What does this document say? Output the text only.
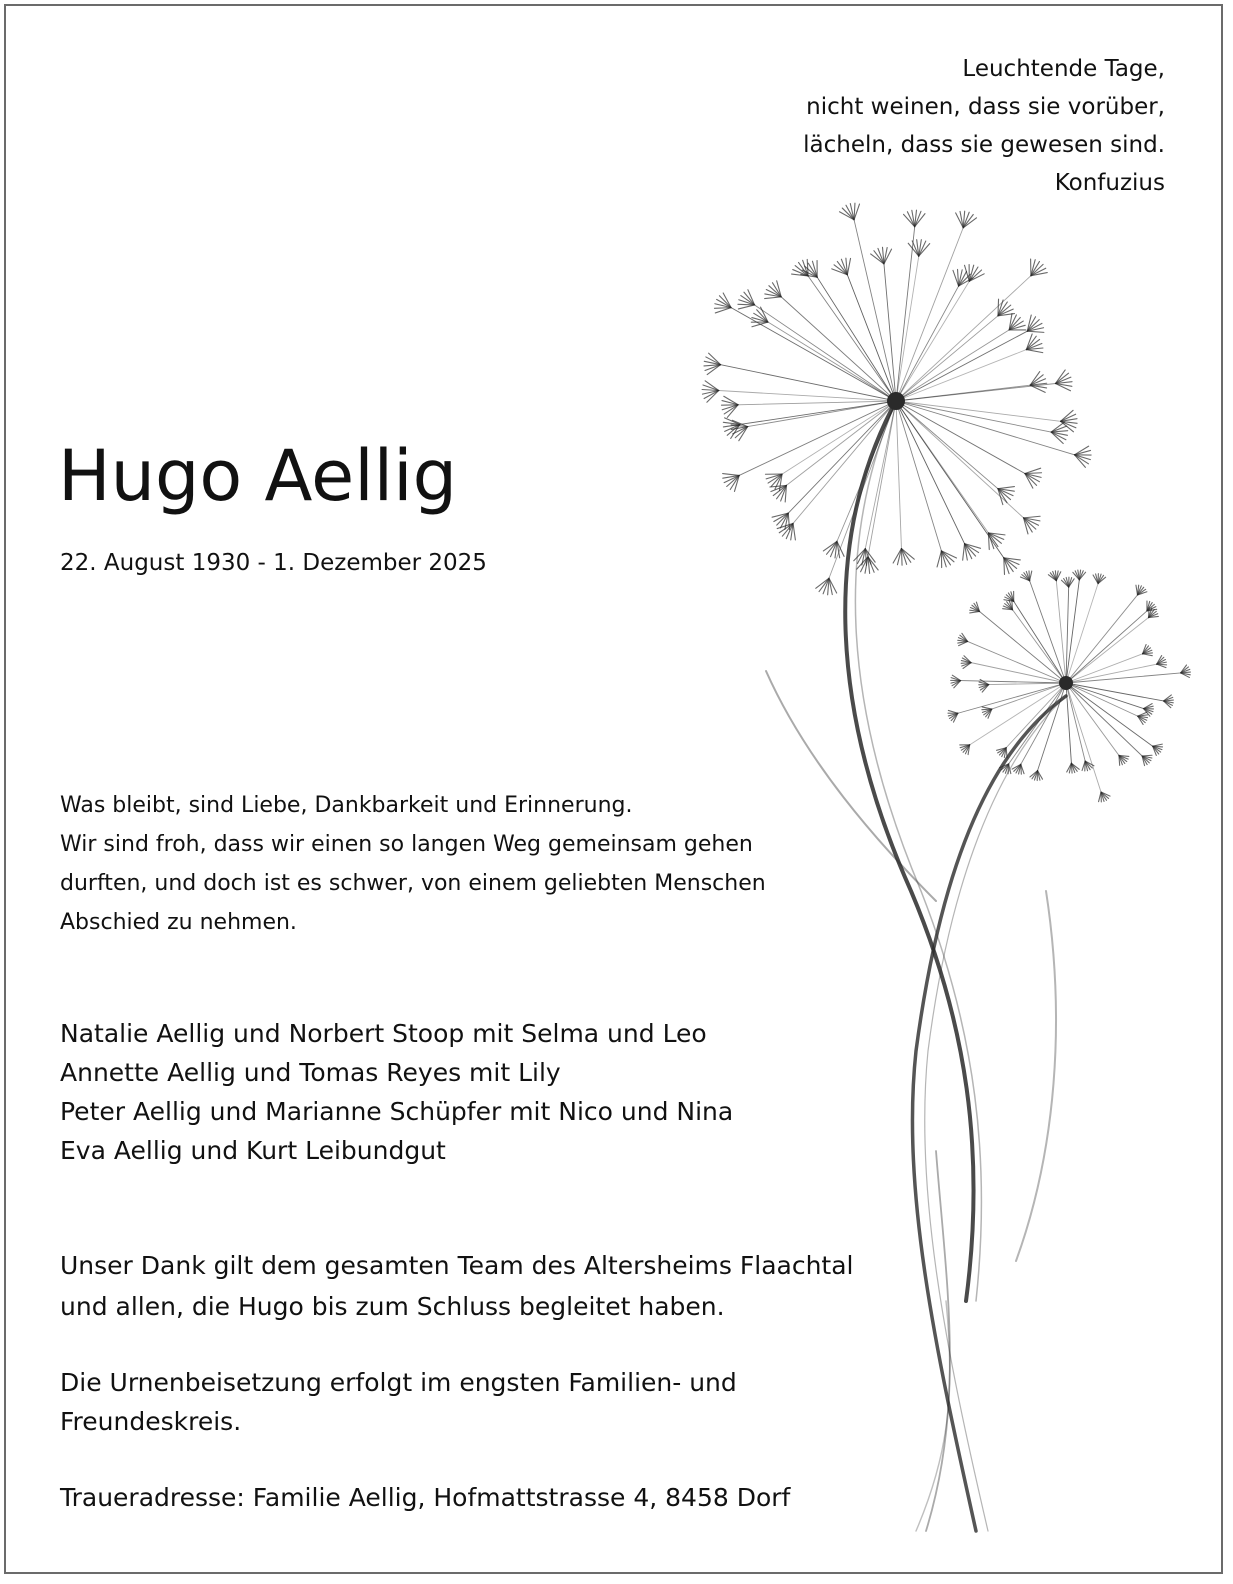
Leuchtende Tage,
nicht weinen, dass sie vorüber,
lächeln, dass sie gewesen sind.
Konfuzius
Hugo Aellig
22. August 1930 - 1. Dezember 2025
Was bleibt, sind Liebe, Dankbarkeit und Erinnerung.
Wir sind froh, dass wir einen so langen Weg gemeinsam gehen
durften, und doch ist es schwer, von einem geliebten Menschen
Abschied zu nehmen.
Natalie Aellig und Norbert Stoop mit Selma und Leo
Annette Aellig und Tomas Reyes mit Lily
Peter Aellig und Marianne Schüpfer mit Nico und Nina
Eva Aellig und Kurt Leibundgut
Unser Dank gilt dem gesamten Team des Altersheims Flaachtal
und allen, die Hugo bis zum Schluss begleitet haben.
Die Urnenbeisetzung erfolgt im engsten Familien- und
Freundeskreis.
Traueradresse: Familie Aellig, Hofmattstrasse 4, 8458 Dorf
